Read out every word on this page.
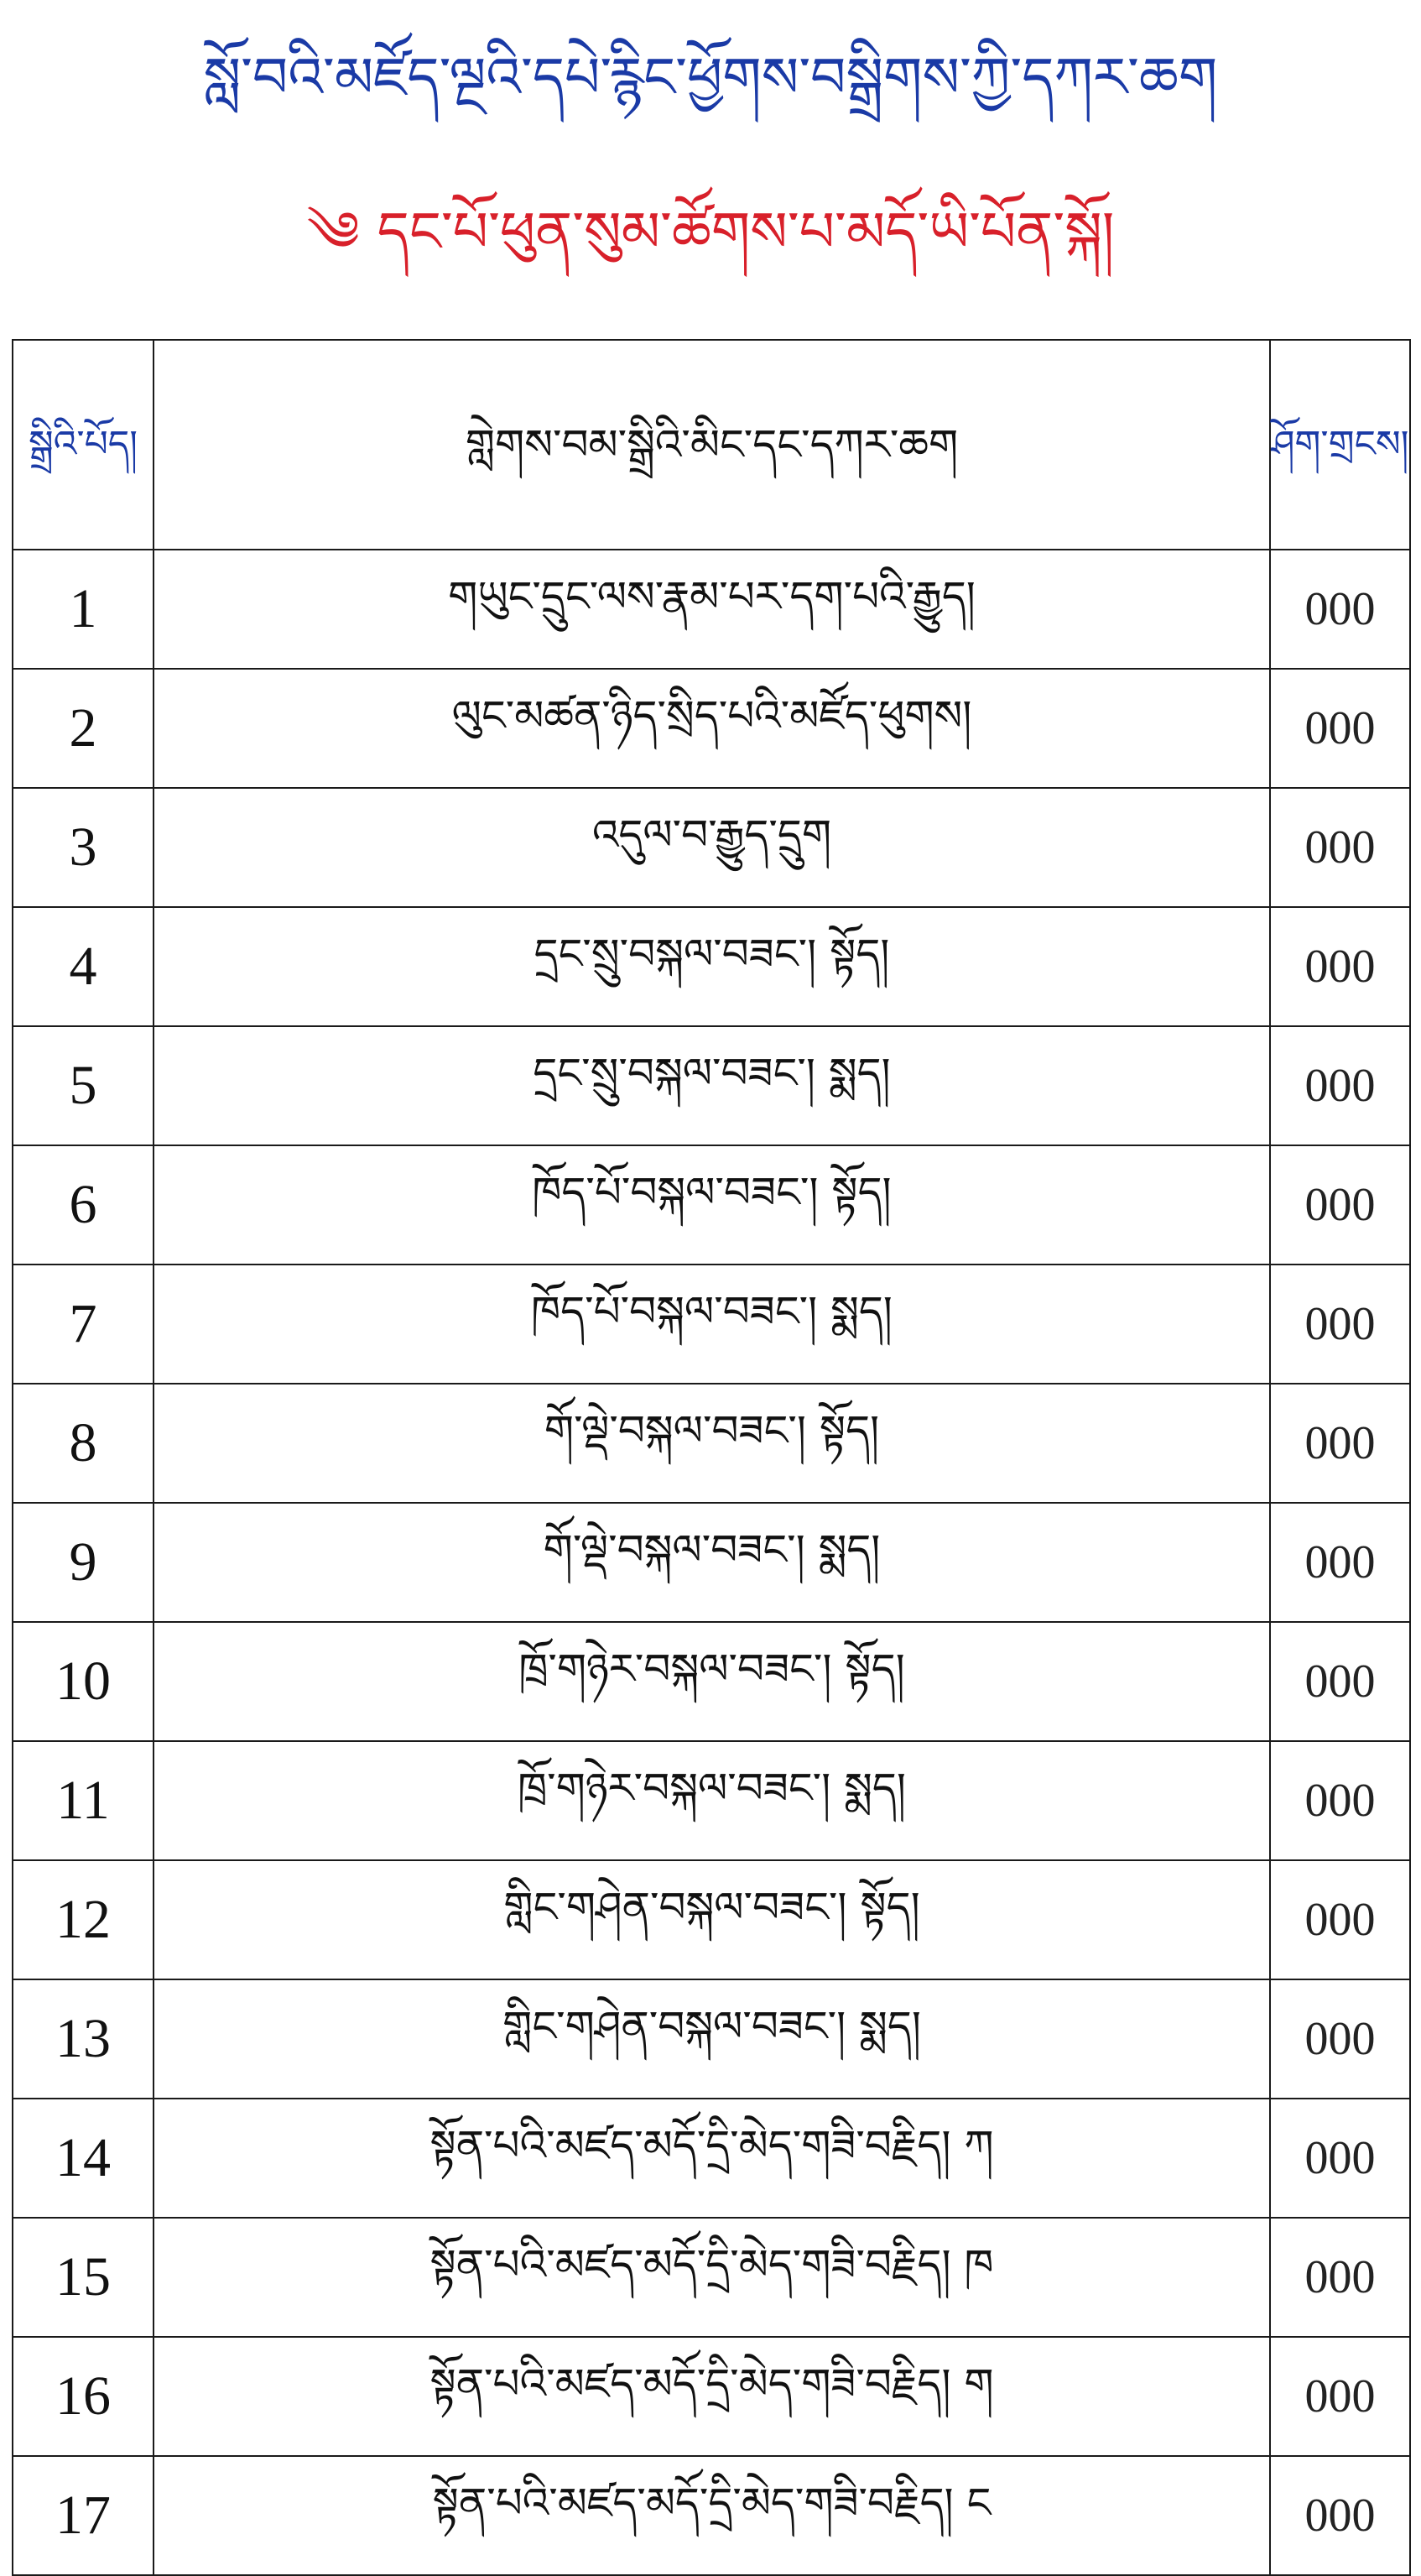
སློ་བའི་མཛོད་ལྔའི་དཔེ་རྙིང་ཕྱོགས་བསྒྲིགས་ཀྱི་དཀར་ཆག
༄ དང་པོ་ཕུན་སུམ་ཚོགས་པ་མདོ་ཡི་པོན་སྐོ།
སྒྲིའི་པོད།	གླེགས་བམ་སྒྲིའི་མིང་དང་དཀར་ཆག	ཤོག་གྲངས།
1	གཡུང་དྲུང་ལས་རྣམ་པར་དག་པའི་རྒྱུད།	000
2	ལུང་མཚན་ཉིད་སྲིད་པའི་མཛོད་ཕུགས།	000
3	འདུལ་བ་རྒྱུད་དྲུག	000
4	དྲང་སྲུ་བསྐལ་བཟང་། སྟོད།	000
5	དྲང་སྲུ་བསྐལ་བཟང་། སྨད།	000
6	ཁོད་པོ་བསྐལ་བཟང་། སྟོད།	000
7	ཁོད་པོ་བསྐལ་བཟང་། སྨད།	000
8	གོ་ལྡེ་བསྐལ་བཟང་། སྟོད།	000
9	གོ་ལྡེ་བསྐལ་བཟང་། སྨད།	000
10	ཁྲོ་གཉེར་བསྐལ་བཟང་། སྟོད།	000
11	ཁྲོ་གཉེར་བསྐལ་བཟང་། སྨད།	000
12	གླིང་གཤེན་བསྐལ་བཟང་། སྟོད།	000
13	གླིང་གཤེན་བསྐལ་བཟང་། སྨད།	000
14	སྟོན་པའི་མཛད་མདོ་དྲི་མེད་གཟི་བརྗིད། ཀ	000
15	སྟོན་པའི་མཛད་མདོ་དྲི་མེད་གཟི་བརྗིད། ཁ	000
16	སྟོན་པའི་མཛད་མདོ་དྲི་མེད་གཟི་བརྗིད། ག	000
17	སྟོན་པའི་མཛད་མདོ་དྲི་མེད་གཟི་བརྗིད། ང	000
